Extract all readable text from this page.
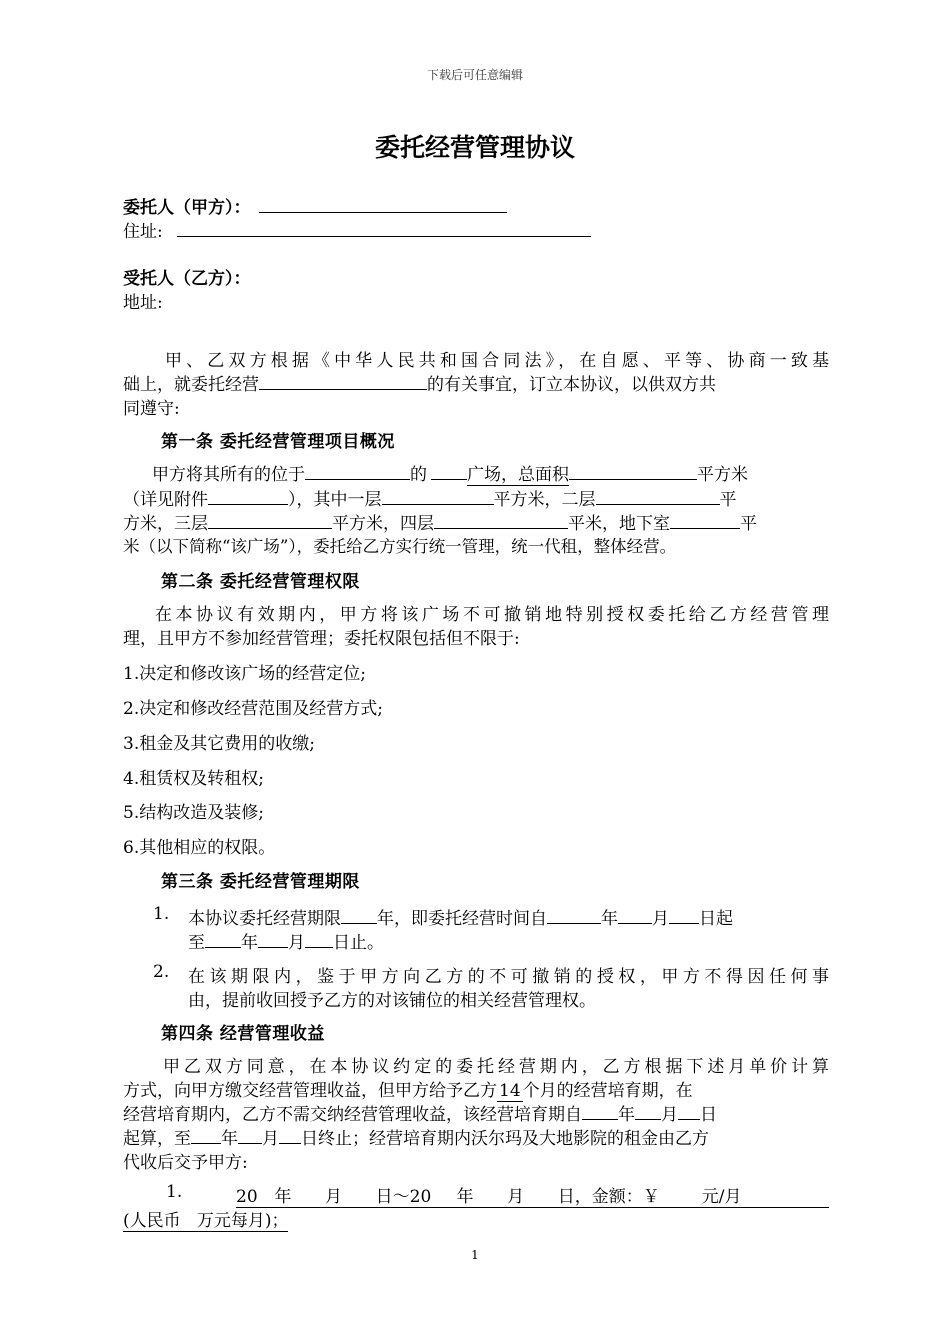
下载后可任意编辑
委托经营管理协议
委托人（甲方）：
住址:
受托人（乙方）：
地址:
甲、乙双方根据《中华人民共和国合同法》，在自愿、平等、协商一致基
础上，就委托经营	的有关事宜，订立本协议，以供双方共
同遵守:
第一条 委托经营管理项目概况
甲方将其所有的位于	的 广场，总面积	平方米
（详见附件	），其中一层	平方米，二层	平
方米，三层	平方米，四层	平米，地下室	平
米（以下简称“该广场”），委托给乙方实行统一管理，统一代租，整体经营。
第二条 委托经营管理权限
在本协议有效期内，甲方将该广场不可撤销地特别授权委托给乙方经营管理
理，且甲方不参加经营管理；委托权限包括但不限于:
1.决定和修改该广场的经营定位;
2.决定和修改经营范围及经营方式;
3.租金及其它费用的收缴;
4.租赁权及转租权;
5.结构改造及装修;
6.其他相应的权限。
第三条 委托经营管理期限
1. 本协议委托经营期限 年，即委托经营时间自	年 月 日起
至 年 月 日止。
2. 在该期限内，鉴于甲方向乙方的不可撤销的授权，甲方不得因任何事
由，提前收回授予乙方的对该铺位的相关经营管理权。
第四条 经营管理收益
甲乙双方同意，在本协议约定的委托经营期内，乙方根据下述月单价计算
方式，向甲方缴交经营管理收益，但甲方给予乙方 14 个月的经营培育期，在
经营培育期内，乙方不需交纳经营管理收益，该经营培育期自 年 月 日
起算，至 年 月 日终止；经营培育期内沃尔玛及大地影院的租金由乙方
代收后交予甲方:
1.	20  年    月    日～20   年    月    日，金额：￥     元/月
(人民币   万元每月)；
1
